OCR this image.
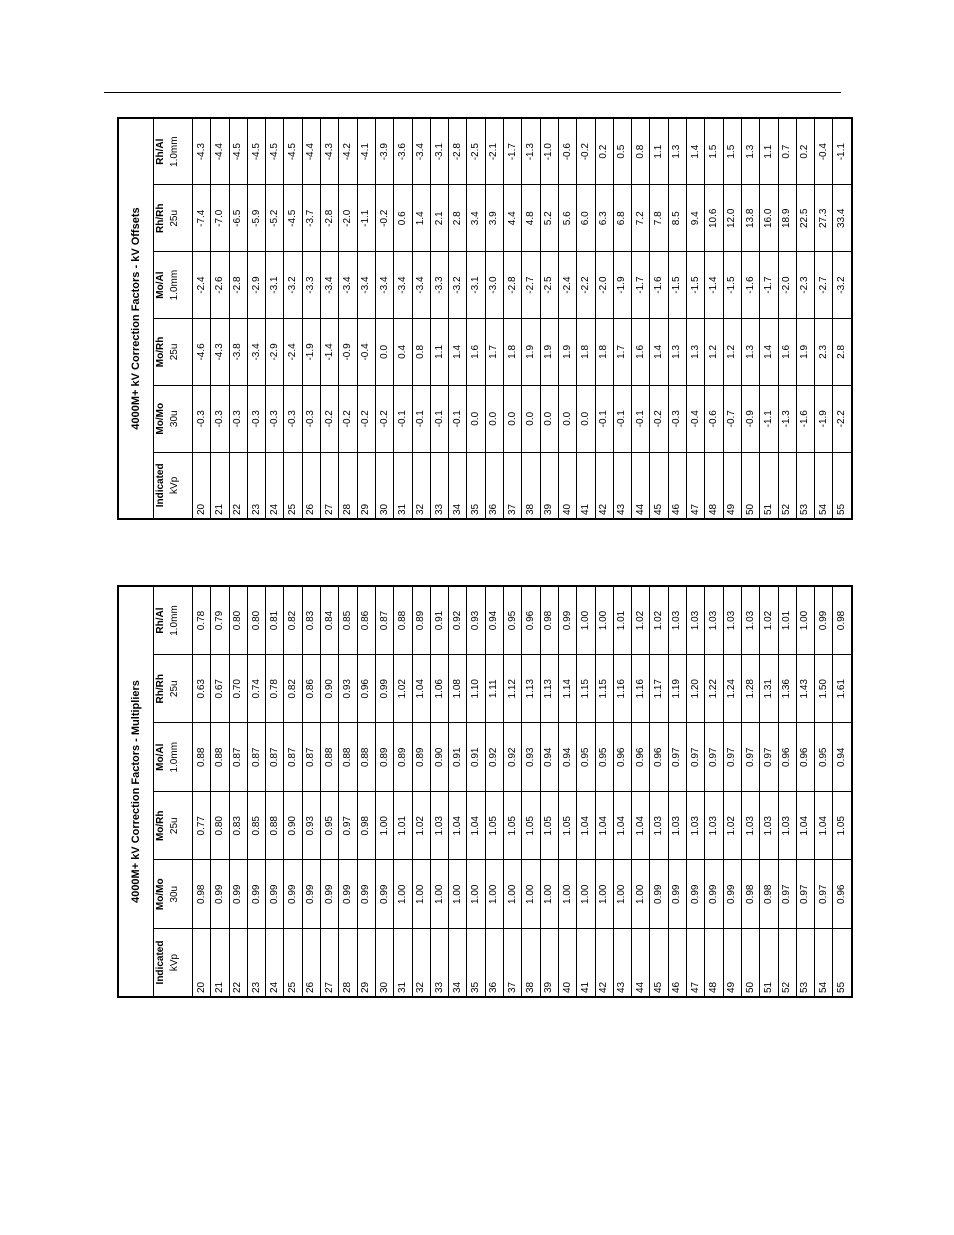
4000M+ kV Correction Factors - kV Offsets					
Indicated	Mo/Mo	Mo/Rh	Mo/Al	Rh/Rh	Rh/Al
kVp	30u	25u	1.0mm	25u	1.0mm

20	-0.3	-4.6	-2.4	-7.4	-4.3
21	-0.3	-4.3	-2.6	-7.0	-4.4
22	-0.3	-3.8	-2.8	-6.5	-4.5
23	-0.3	-3.4	-2.9	-5.9	-4.5
24	-0.3	-2.9	-3.1	-5.2	-4.5
25	-0.3	-2.4	-3.2	-4.5	-4.5
26	-0.3	-1.9	-3.3	-3.7	-4.4
27	-0.2	-1.4	-3.4	-2.8	-4.3
28	-0.2	-0.9	-3.4	-2.0	-4.2
29	-0.2	-0.4	-3.4	-1.1	-4.1
30	-0.2	0.0	-3.4	-0.2	-3.9
31	-0.1	0.4	-3.4	0.6	-3.6
32	-0.1	0.8	-3.4	1.4	-3.4
33	-0.1	1.1	-3.3	2.1	-3.1
34	-0.1	1.4	-3.2	2.8	-2.8
35	0.0	1.6	-3.1	3.4	-2.5
36	0.0	1.7	-3.0	3.9	-2.1
37	0.0	1.8	-2.8	4.4	-1.7
38	0.0	1.9	-2.7	4.8	-1.3
39	0.0	1.9	-2.5	5.2	-1.0
40	0.0	1.9	-2.4	5.6	-0.6
41	0.0	1.8	-2.2	6.0	-0.2
42	-0.1	1.8	-2.0	6.3	0.2
43	-0.1	1.7	-1.9	6.8	0.5
44	-0.1	1.6	-1.7	7.2	0.8
45	-0.2	1.4	-1.6	7.8	1.1
46	-0.3	1.3	-1.5	8.5	1.3
47	-0.4	1.3	-1.5	9.4	1.4
48	-0.6	1.2	-1.4	10.6	1.5
49	-0.7	1.2	-1.5	12.0	1.5
50	-0.9	1.3	-1.6	13.8	1.3
51	-1.1	1.4	-1.7	16.0	1.1
52	-1.3	1.6	-2.0	18.9	0.7
53	-1.6	1.9	-2.3	22.5	0.2
54	-1.9	2.3	-2.7	27.3	-0.4
55	-2.2	2.8	-3.2	33.4	-1.1
4000M+ kV Correction Factors - Multipliers					
Indicated	Mo/Mo	Mo/Rh	Mo/Al	Rh/Rh	Rh/Al
kVp	30u	25u	1.0mm	25u	1.0mm

20	0.98	0.77	0.88	0.63	0.78
21	0.99	0.80	0.88	0.67	0.79
22	0.99	0.83	0.87	0.70	0.80
23	0.99	0.85	0.87	0.74	0.80
24	0.99	0.88	0.87	0.78	0.81
25	0.99	0.90	0.87	0.82	0.82
26	0.99	0.93	0.87	0.86	0.83
27	0.99	0.95	0.88	0.90	0.84
28	0.99	0.97	0.88	0.93	0.85
29	0.99	0.98	0.88	0.96	0.86
30	0.99	1.00	0.89	0.99	0.87
31	1.00	1.01	0.89	1.02	0.88
32	1.00	1.02	0.89	1.04	0.89
33	1.00	1.03	0.90	1.06	0.91
34	1.00	1.04	0.91	1.08	0.92
35	1.00	1.04	0.91	1.10	0.93
36	1.00	1.05	0.92	1.11	0.94
37	1.00	1.05	0.92	1.12	0.95
38	1.00	1.05	0.93	1.13	0.96
39	1.00	1.05	0.94	1.13	0.98
40	1.00	1.05	0.94	1.14	0.99
41	1.00	1.04	0.95	1.15	1.00
42	1.00	1.04	0.95	1.15	1.00
43	1.00	1.04	0.96	1.16	1.01
44	1.00	1.04	0.96	1.16	1.02
45	0.99	1.03	0.96	1.17	1.02
46	0.99	1.03	0.97	1.19	1.03
47	0.99	1.03	0.97	1.20	1.03
48	0.99	1.03	0.97	1.22	1.03
49	0.99	1.02	0.97	1.24	1.03
50	0.98	1.03	0.97	1.28	1.03
51	0.98	1.03	0.97	1.31	1.02
52	0.97	1.03	0.96	1.36	1.01
53	0.97	1.04	0.96	1.43	1.00
54	0.97	1.04	0.95	1.50	0.99
55	0.96	1.05	0.94	1.61	0.98
